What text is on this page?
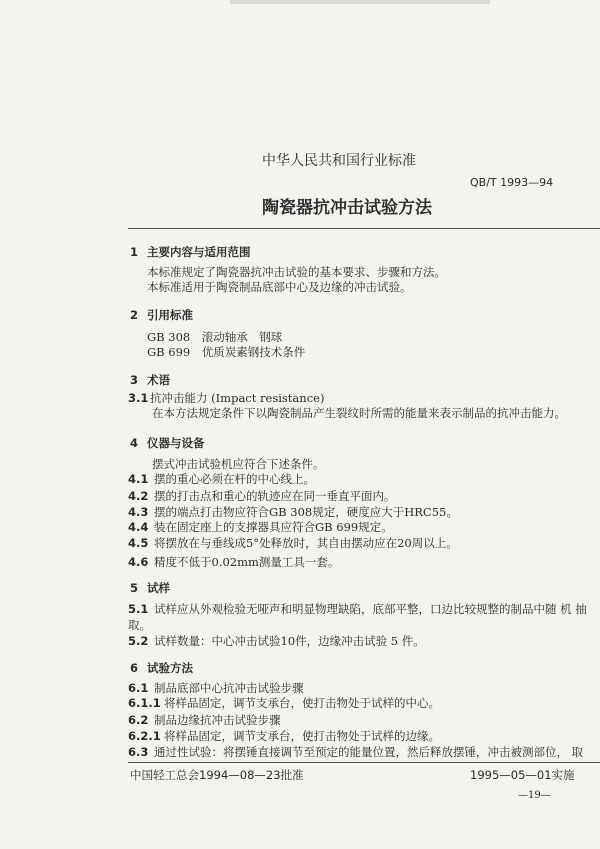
中华人民共和国行业标准
QB/T 1993—94
陶瓷器抗冲击试验方法
1 主要内容与适用范围
本标准规定了陶瓷器抗冲击试验的基本要求、步骤和方法。
本标准适用于陶瓷制品底部中心及边缘的冲击试验。
2 引用标准
GB 308　滚动轴承　钢球
GB 699　优质炭素钢技术条件
3 术语
3.1 抗冲击能力 (Impact resistance)
在本方法规定条件下以陶瓷制品产生裂纹时所需的能量来表示制品的抗冲击能力。
4 仪器与设备
摆式冲击试验机应符合下述条件。
4.1 摆的重心必须在杆的中心线上。
4.2 摆的打击点和重心的轨迹应在同一垂直平面内。
4.3 摆的端点打击物应符合GB 308规定，硬度应大于HRC55。
4.4 装在固定座上的支撑器具应符合GB 699规定。
4.5 将摆放在与垂线成5°处释放时，其自由摆动应在20周以上。
4.6 精度不低于0.02mm测量工具一套。
5 试样
5.1 试样应从外观检验无哑声和明显物理缺陷，底部平整，口边比较规整的制品中随 机 抽
取。
5.2 试样数量：中心冲击试验10件，边缘冲击试验 5 件。
6 试验方法
6.1 制品底部中心抗冲击试验步骤
6.1.1 将样品固定，调节支承台，使打击物处于试样的中心。
6.2 制品边缘抗冲击试验步骤
6.2.1 将样品固定，调节支承台，使打击物处于试样的边缘。
6.3 通过性试验：将摆锤直接调节至预定的能量位置，然后释放摆锤，冲击被测部位， 取
中国轻工总会1994—08—23批准	1995—05—01实施
—19—
